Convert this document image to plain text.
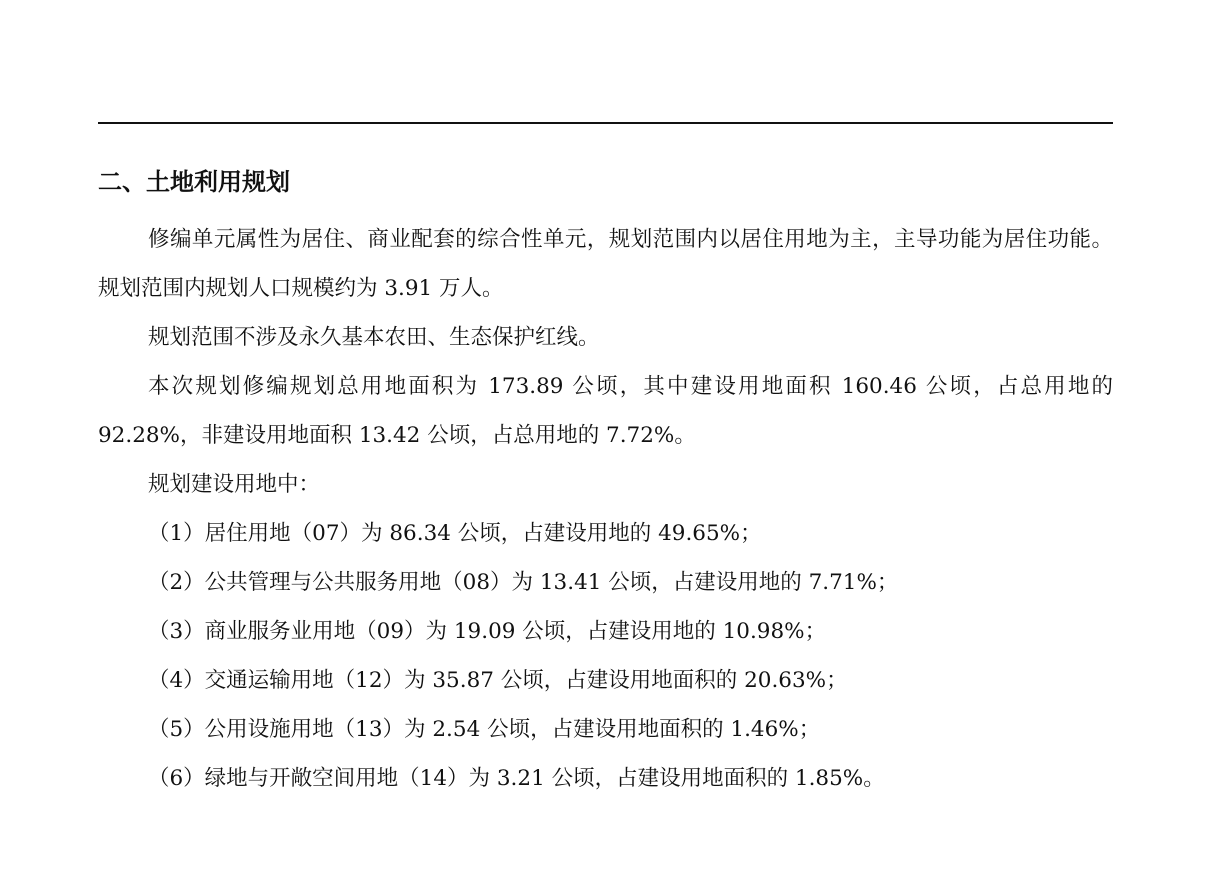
二、土地利用规划

修编单元属性为居住、商业配套的综合性单元，规划范围内以居住用地为主，主导功能为居住功能。规划范围内规划人口规模约为 3.91 万人。

规划范围不涉及永久基本农田、生态保护红线。

本次规划修编规划总用地面积为 173.89 公顷，其中建设用地面积 160.46 公顷，占总用地的 92.28%，非建设用地面积 13.42 公顷，占总用地的 7.72%。

规划建设用地中：

（1）居住用地（07）为 86.34 公顷，占建设用地的 49.65%；
（2）公共管理与公共服务用地（08）为 13.41 公顷，占建设用地的 7.71%；
（3）商业服务业用地（09）为 19.09 公顷，占建设用地的 10.98%；
（4）交通运输用地（12）为 35.87 公顷，占建设用地面积的 20.63%；
（5）公用设施用地（13）为 2.54 公顷，占建设用地面积的 1.46%；
（6）绿地与开敞空间用地（14）为 3.21 公顷，占建设用地面积的 1.85%。
